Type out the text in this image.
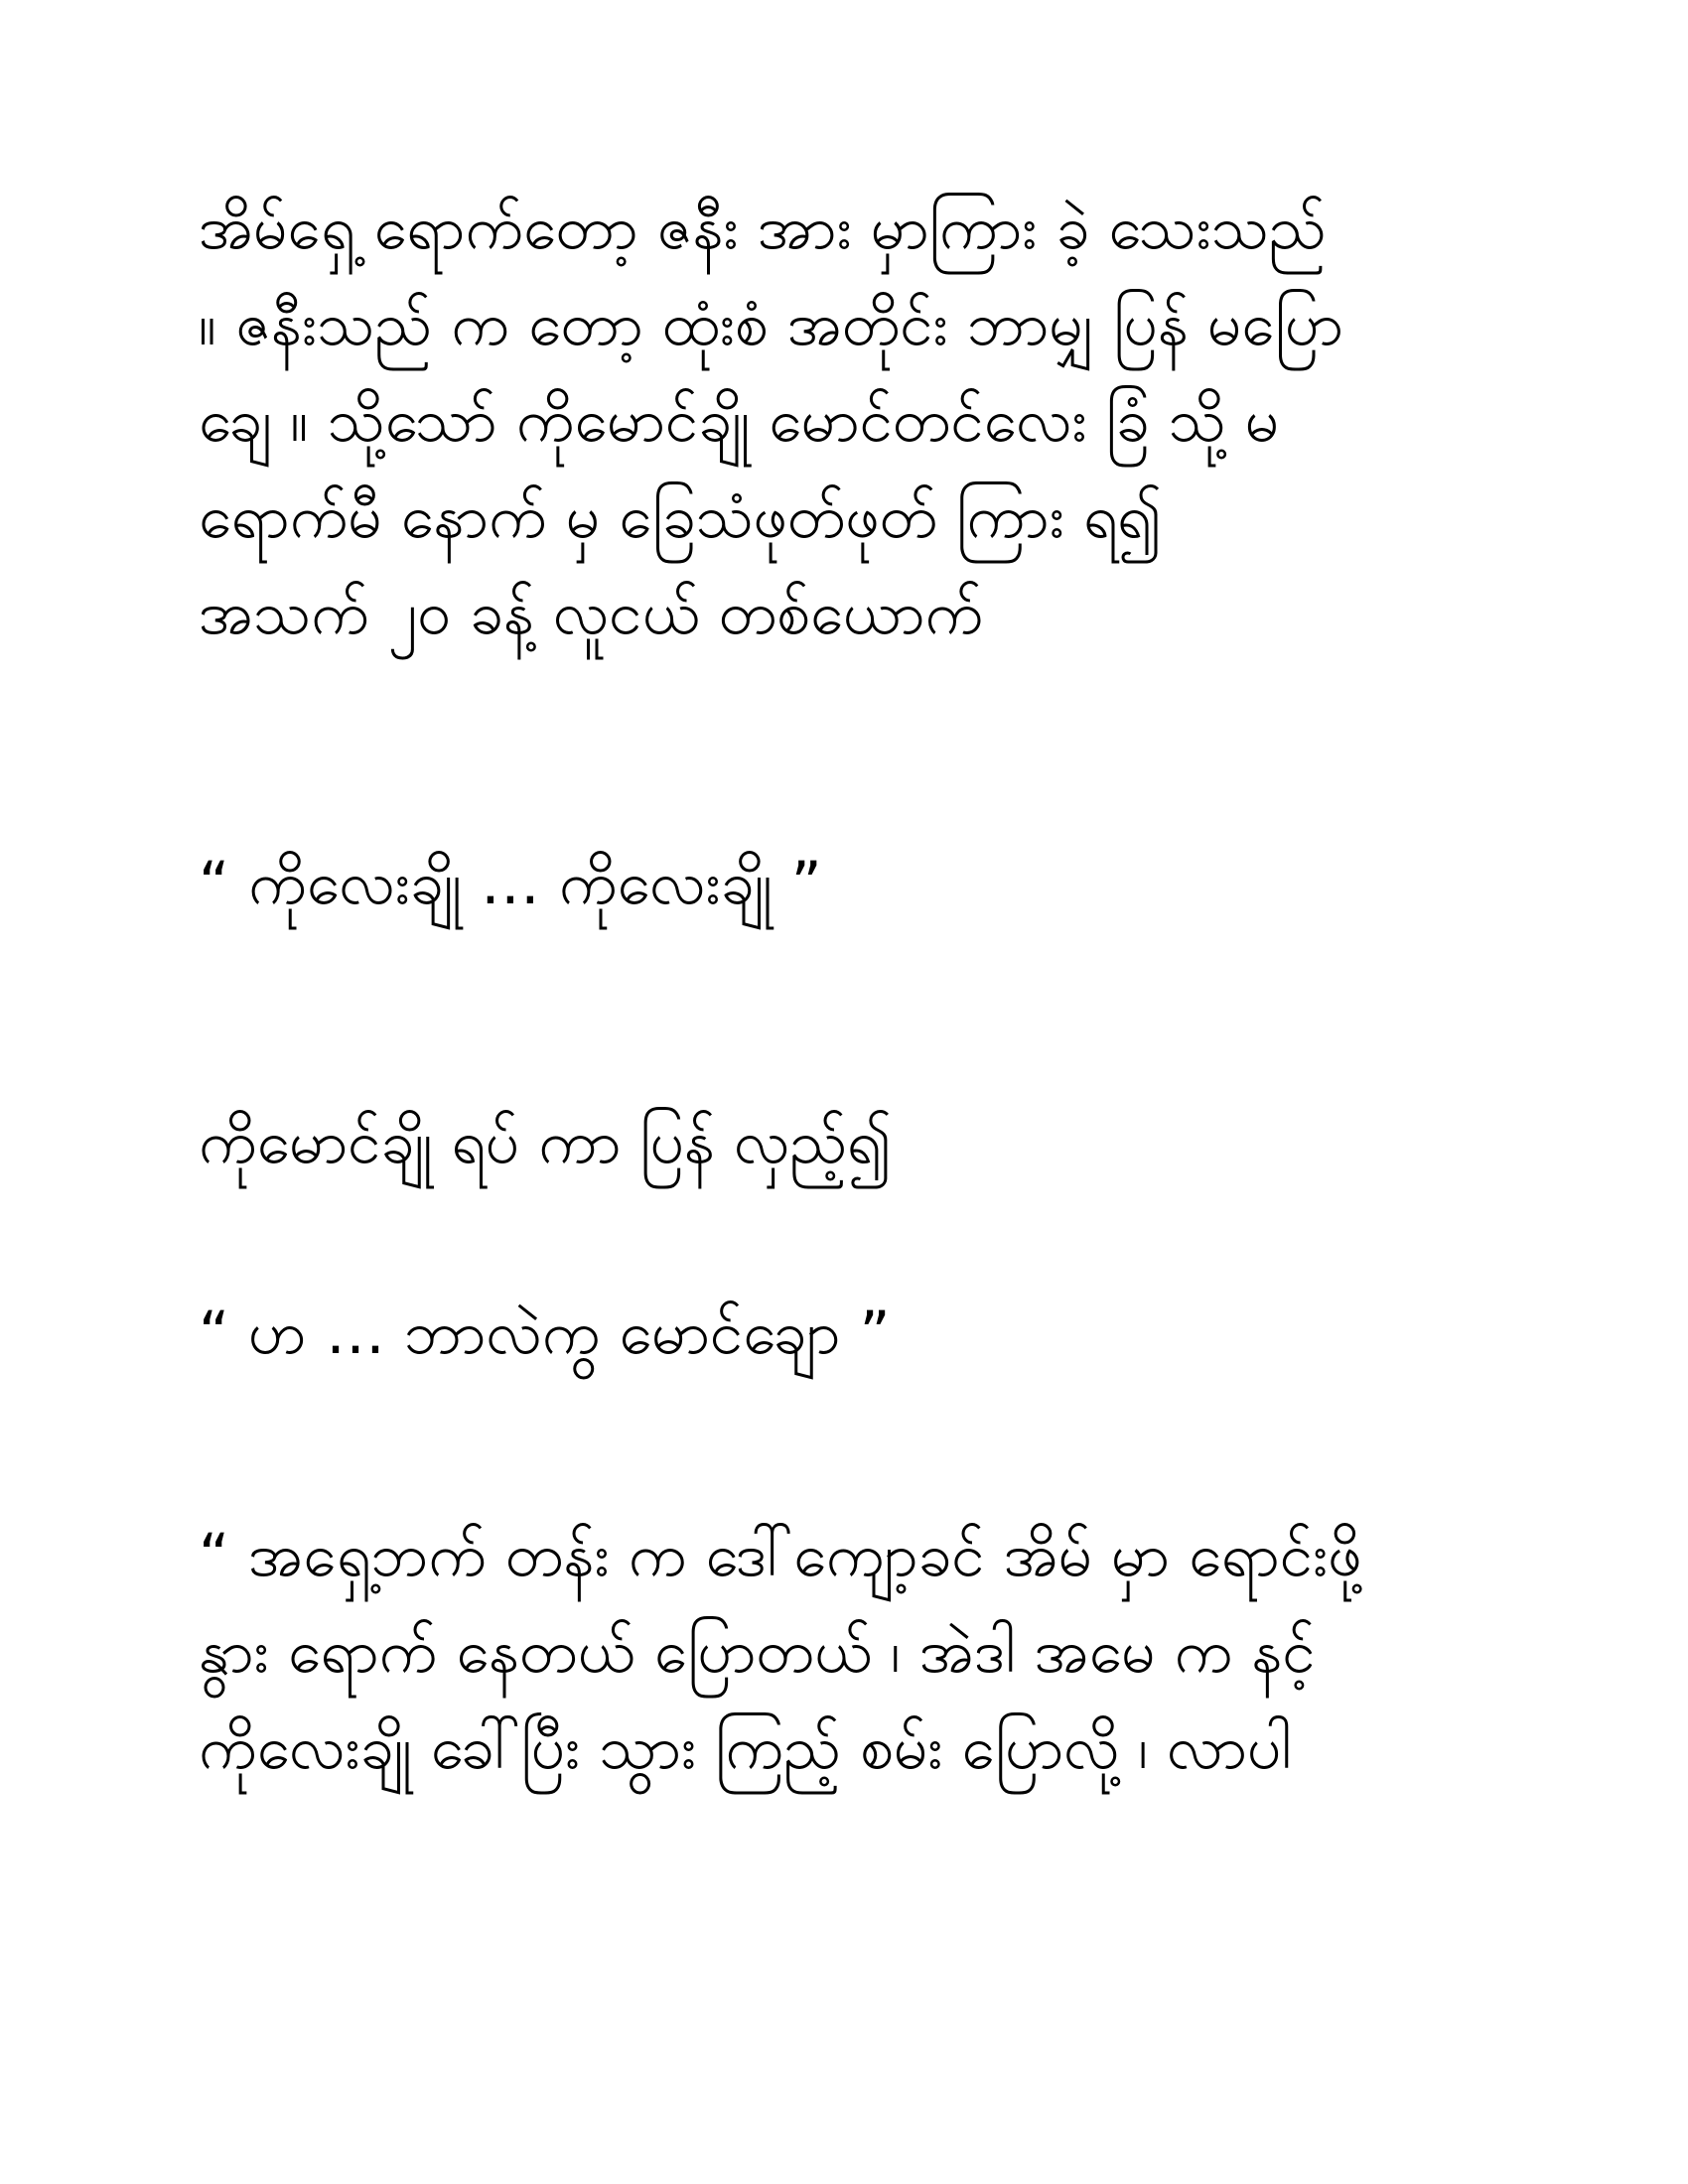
အိမ်ရှေ့ ရောက်တော့ ဇနီး အား မှာကြား ခဲ့ သေးသည်
။ ဇနီးသည် က တော့ ထုံးစံ အတိုင်း ဘာမျှ ပြန် မပြော
ချေ ။ သို့သော် ကိုမောင်ချို မောင်တင်လေး ခြံ သို့ မ
ရောက်မီ နောက် မှ ခြေသံဖုတ်ဖုတ် ကြား ရ၍
အသက် ၂၀ ခန့် လူငယ် တစ်ယောက်
“ ကိုလေးချို … ကိုလေးချို ”
ကိုမောင်ချို ရပ် ကာ ပြန် လှည့်၍
“ ဟ … ဘာလဲကွ မောင်ချော ”
“ အရှေ့ဘက် တန်း က ဒေါ်ကျော့ခင် အိမ် မှာ ရောင်းဖို့
နွား ရောက် နေတယ် ပြောတယ် ၊ အဲဒါ အမေ က နင့်
ကိုလေးချို ခေါ်ပြီး သွား ကြည့် စမ်း ပြောလို့ ၊ လာပါ
